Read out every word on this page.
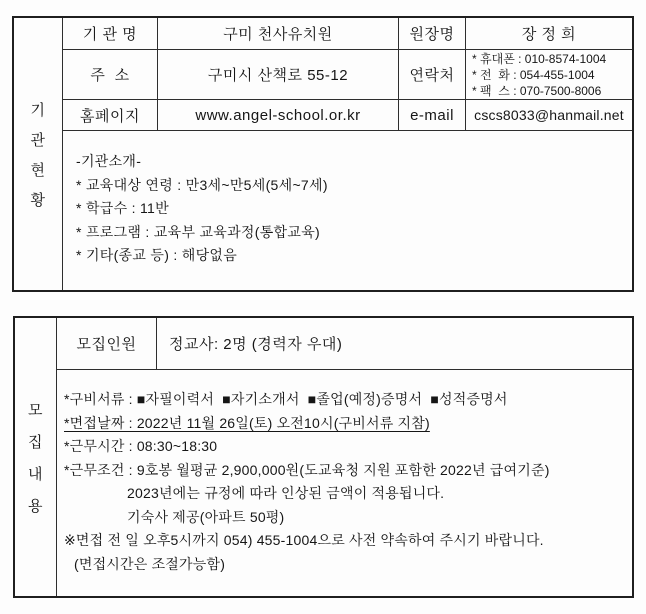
기
관
현
황
기 관 명	구미 천사유치원	원장명	장 정 희
주  소	구미시 산책로 55-12	연락처
* 휴대폰 : 010-8574-1004
* 전  화 : 054-455-1004
* 팩  스 : 070-7500-8006
홈페이지	www.angel-school.or.kr	e-mail	cscs8033@hanmail.net
-기관소개-
* 교육대상 연령 : 만3세~만5세(5세~7세)
* 학급수 : 11반
* 프로그램 : 교육부 교육과정(통합교육)
* 기타(종교 등) : 해당없음
모
집
내
용
모집인원	정교사: 2명 (경력자 우대)
*구비서류 : ■자필이력서  ■자기소개서  ■졸업(예정)증명서  ■성적증명서
*면접날짜 : 2022년 11월 26일(토) 오전10시(구비서류 지참)
*근무시간 : 08:30~18:30
*근무조건 : 9호봉 월평균 2,900,000원(도교육청 지원 포함한 2022년 급여기준)
2023년에는 규정에 따라 인상된 금액이 적용됩니다.
기숙사 제공(아파트 50평)
※면접 전 일 오후5시까지 054) 455-1004으로 사전 약속하여 주시기 바랍니다.
(면접시간은 조절가능함)
